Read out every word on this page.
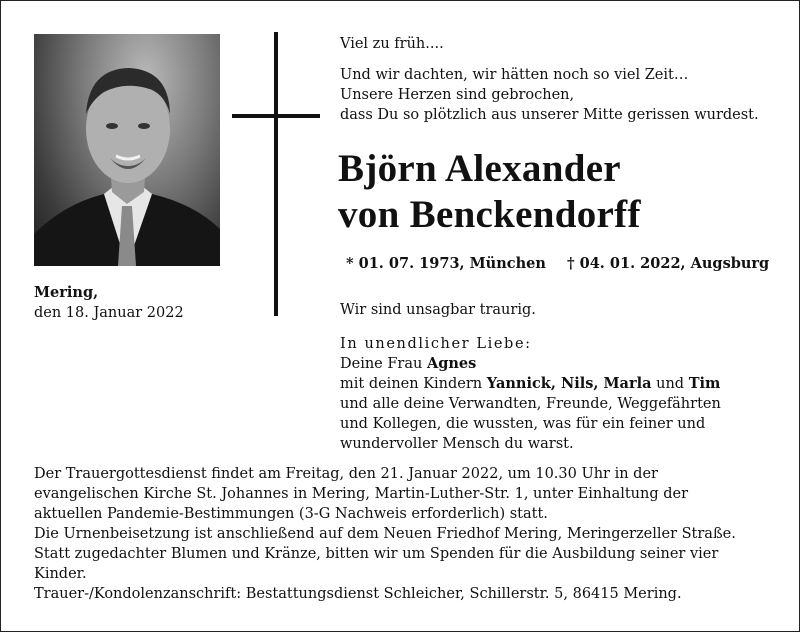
Mering,
den 18. Januar 2022
Viel zu früh....
Und wir dachten, wir hätten noch so viel Zeit…
Unsere Herzen sind gebrochen,
dass Du so plötzlich aus unserer Mitte gerissen wurdest.
Björn Alexander
von Benckendorff
* 01. 07. 1973, München † 04. 01. 2022, Augsburg
Wir sind unsagbar traurig.
In unendlicher Liebe:
Deine Frau Agnes
mit deinen Kindern Yannick, Nils, Marla und Tim
und alle deine Verwandten, Freunde, Weggefährten
und Kollegen, die wussten, was für ein feiner und
wundervoller Mensch du warst.
Der Trauergottesdienst findet am Freitag, den 21. Januar 2022, um 10.30 Uhr in der
evangelischen Kirche St. Johannes in Mering, Martin-Luther-Str. 1, unter Einhaltung der
aktuellen Pandemie-Bestimmungen (3-G Nachweis erforderlich) statt.
Die Urnenbeisetzung ist anschließend auf dem Neuen Friedhof Mering, Meringerzeller Straße.
Statt zugedachter Blumen und Kränze, bitten wir um Spenden für die Ausbildung seiner vier
Kinder.
Trauer-/Kondolenzanschrift: Bestattungsdienst Schleicher, Schillerstr. 5, 86415 Mering.
